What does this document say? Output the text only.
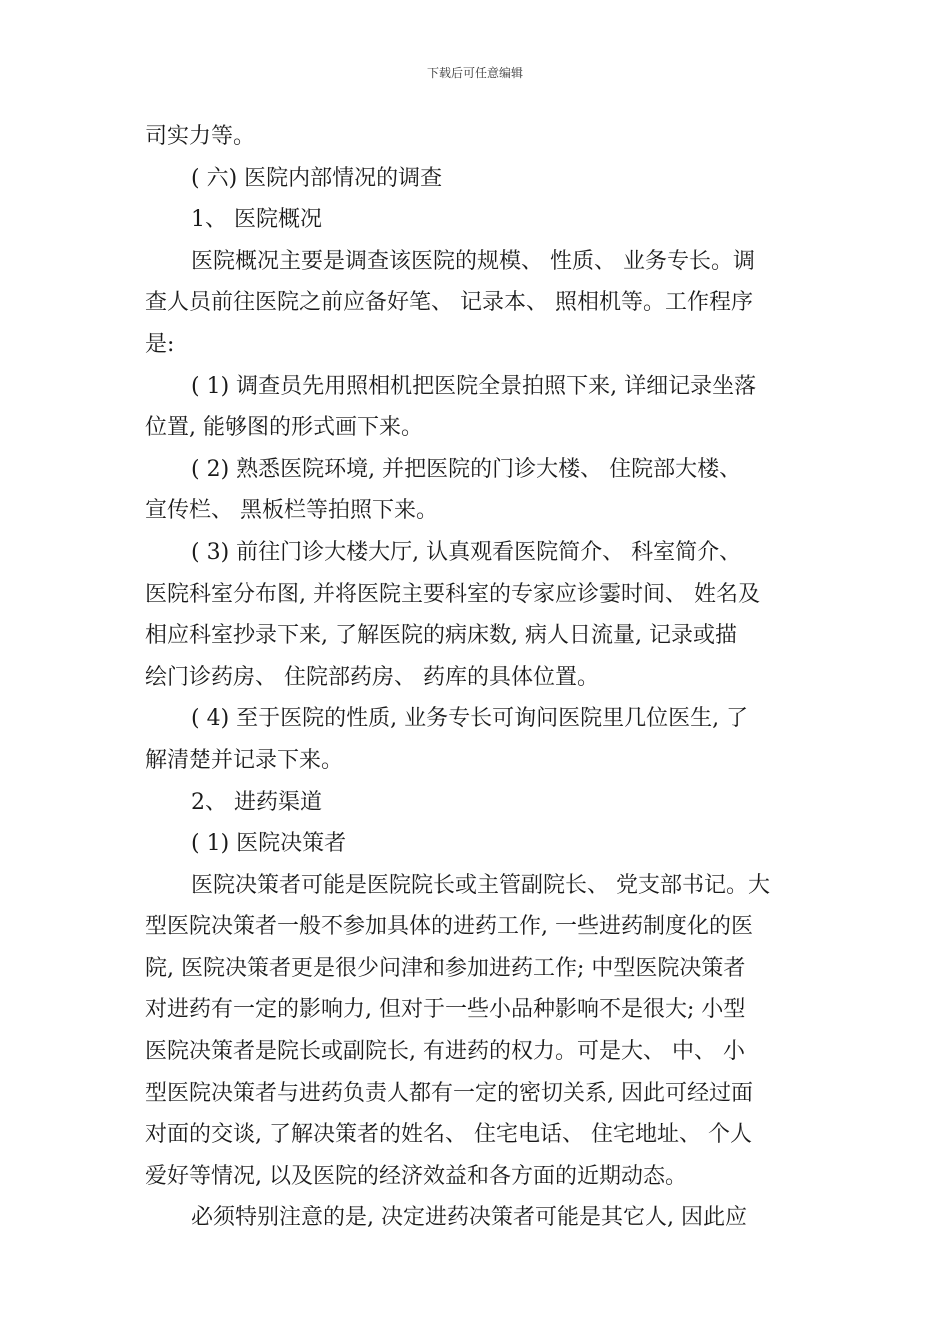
下载后可任意编辑
司实力等。
( 六) 医院内部情况的调查
1、 医院概况
医院概况主要是调查该医院的规模、 性质、 业务专长。调
查人员前往医院之前应备好笔、 记录本、 照相机等。工作程序
是:
( 1) 调查员先用照相机把医院全景拍照下来, 详细记录坐落
位置, 能够图的形式画下来。
( 2) 熟悉医院环境, 并把医院的门诊大楼、 住院部大楼、
宣传栏、 黑板栏等拍照下来。
( 3) 前往门诊大楼大厅, 认真观看医院简介、 科室简介、
医院科室分布图, 并将医院主要科室的专家应诊霎时间、 姓名及
相应科室抄录下来, 了解医院的病床数, 病人日流量, 记录或描
绘门诊药房、 住院部药房、 药库的具体位置。
( 4) 至于医院的性质, 业务专长可询问医院里几位医生, 了
解清楚并记录下来。
2、 进药渠道
( 1) 医院决策者
医院决策者可能是医院院长或主管副院长、 党支部书记。大
型医院决策者一般不参加具体的进药工作, 一些进药制度化的医
院, 医院决策者更是很少问津和参加进药工作; 中型医院决策者
对进药有一定的影响力, 但对于一些小品种影响不是很大; 小型
医院决策者是院长或副院长, 有进药的权力。可是大、 中、 小
型医院决策者与进药负责人都有一定的密切关系, 因此可经过面
对面的交谈, 了解决策者的姓名、 住宅电话、 住宅地址、 个人
爱好等情况, 以及医院的经济效益和各方面的近期动态。
必须特别注意的是, 决定进药决策者可能是其它人, 因此应
